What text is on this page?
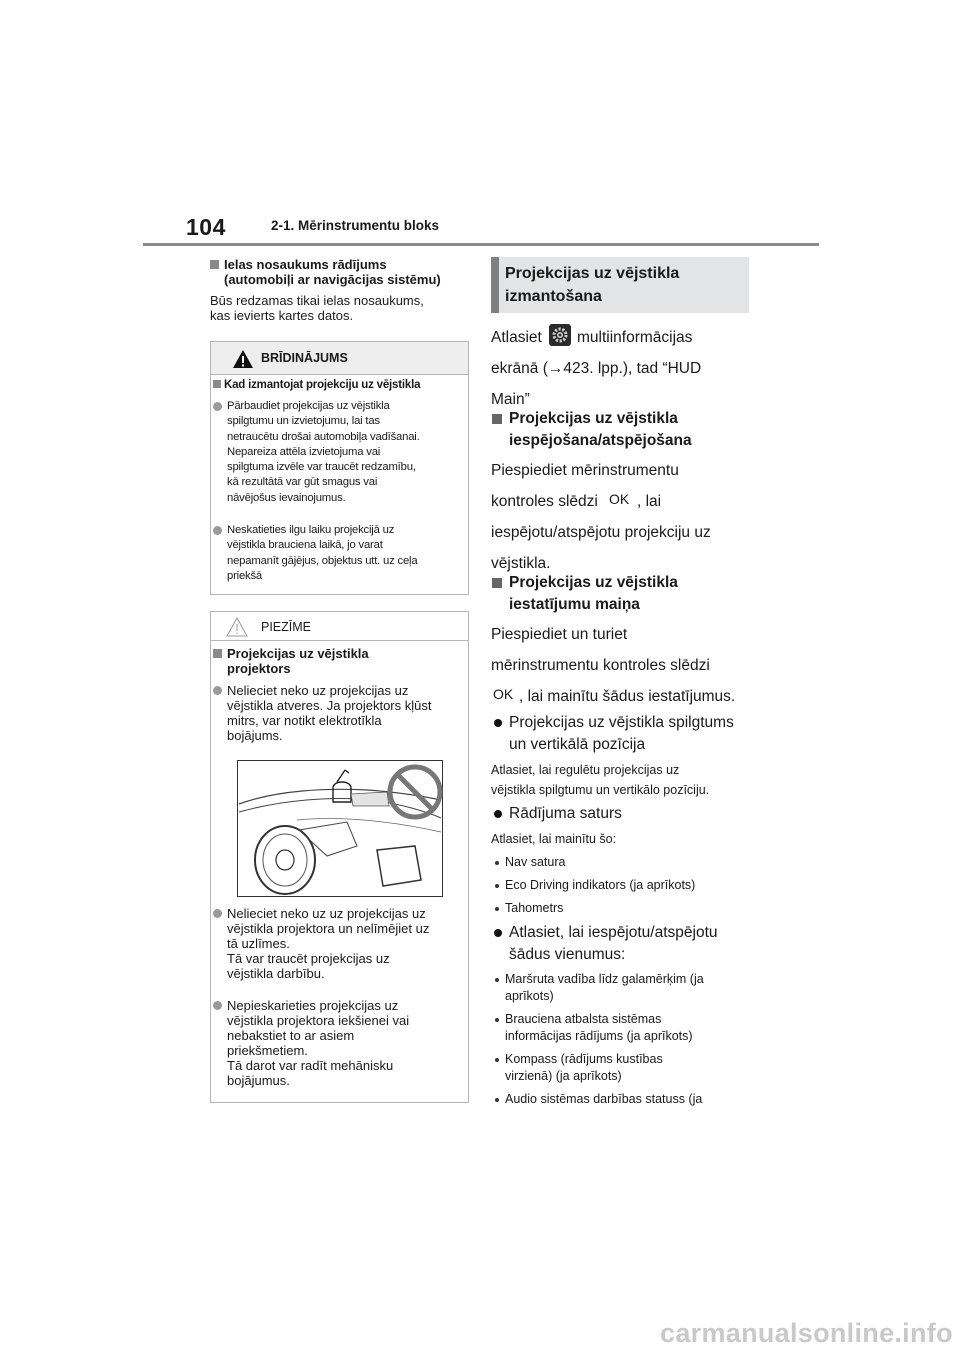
104	2-1. Mērinstrumentu bloks
Ielas nosaukums rādījums
(automobiļi ar navigācijas sistēmu)
Būs redzamas tikai ielas nosaukums,
kas ievierts kartes datos.
BRĪDINĀJUMS
Kad izmantojat projekciju uz vējstikla
Pārbaudiet projekcijas uz vējstikla
spilgtumu un izvietojumu, lai tas
netraucētu drošai automobiļa vadīšanai.
Nepareiza attēla izvietojuma vai
spilgtuma izvēle var traucēt redzamību,
kā rezultātā var gūt smagus vai
nāvējošus ievainojumus.
Neskatieties ilgu laiku projekcijā uz
vējstikla brauciena laikā, jo varat
nepamanīt gājējus, objektus utt. uz ceļa
priekšā
PIEZĪME
Projekcijas uz vējstikla
projektors
Nelieciet neko uz projekcijas uz
vējstikla atveres. Ja projektors kļūst
mitrs, var notikt elektrotīkla
bojājums.
Nelieciet neko uz uz projekcijas uz
vējstikla projektora un nelīmējiet uz
tā uzlīmes.
Tā var traucēt projekcijas uz
vējstikla darbību.
Nepieskarieties projekcijas uz
vējstikla projektora iekšienei vai
nebakstiet to ar asiem
priekšmetiem.
Tā darot var radīt mehānisku
bojājumus.
Projekcijas uz vējstikla
izmantošana
Atlasiet multiinformācijas
ekrānā (→423. lpp.), tad “HUD
Main”
Projekcijas uz vējstikla
iespējošana/atspējošana
Piespiediet mērinstrumentu
kontroles slēdzi OK , lai
iespējotu/atspējotu projekciju uz
vējstikla.
Projekcijas uz vējstikla
iestatījumu maiņa
Piespiediet un turiet
mērinstrumentu kontroles slēdzi
OK , lai mainītu šādus iestatījumus.
Projekcijas uz vējstikla spilgtums
un vertikālā pozīcija
Atlasiet, lai regulētu projekcijas uz
vējstikla spilgtumu un vertikālo pozīciju.
Rādījuma saturs
Atlasiet, lai mainītu šo:
Nav satura
Eco Driving indikators (ja aprīkots)
Tahometrs
Atlasiet, lai iespējotu/atspējotu
šādus vienumus:
Maršruta vadība līdz galamērķim (ja
aprīkots)
Brauciena atbalsta sistēmas
informācijas rādījums (ja aprīkots)
Kompass (rādījums kustības
virzienā) (ja aprīkots)
Audio sistēmas darbības statuss (ja
carmanualsonline.info
